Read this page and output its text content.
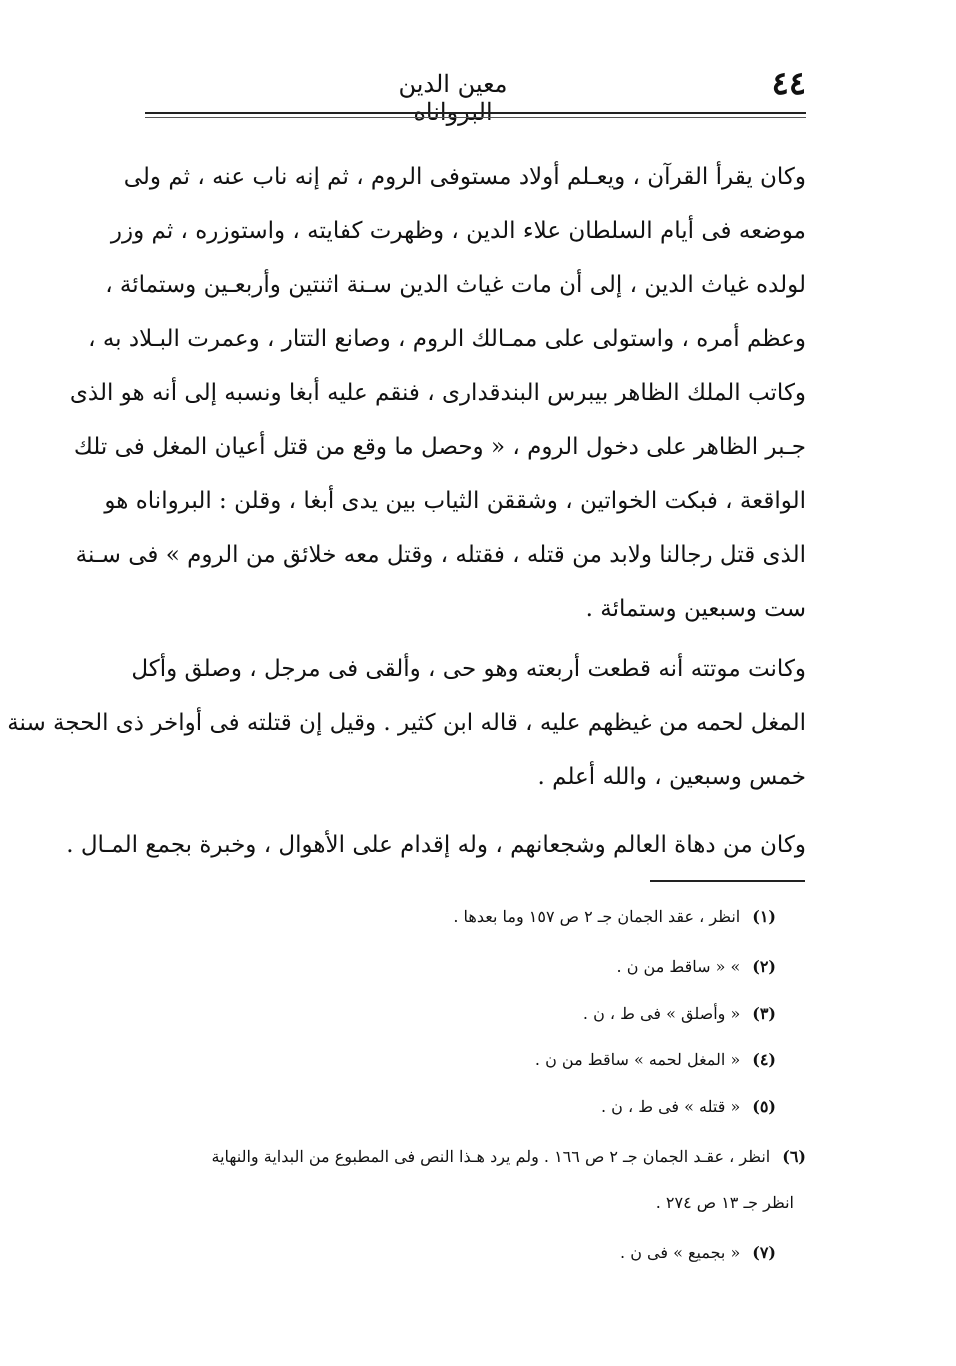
٤٤
معين الدين البرواناه
وكان يقرأ القرآن ، ويعـلم أولاد مستوفى الروم ، ثم إنه ناب عنه ، ثم ولى
موضعه فى أيام السلطان علاء الدين ، وظهرت كفايته ، واستوزره ، ثم وزر
لولده غياث الدين ، إلى أن مات غياث الدين سـنة اثنتين وأربعـين وستمائة ،
وعظم أمره ، واستولى على ممـالك الروم ، وصانع التتار ، وعمرت البـلاد به ،
وكاتب الملك الظاهر بيبرس البندقدارى ، فنقم عليه أبغا ونسبه إلى أنه هو الذى
جـبر الظاهر على دخول الروم ، « وحصل ما وقع من قتل أعيان المغل فى تلك
الواقعة ، فبكت الخواتين ، وشققن الثياب بين يدى أبغا ، وقلن : البرواناه هو
الذى قتل رجالنا ولابد من قتله ، فقتله ، وقتل معه خلائق من الروم » فى سـنة
ست وسبعين وستمائة .
وكانت موتته أنه قطعت أربعته وهو حى ، وألقى فى مرجل ، وصلق وأكل
المغل لحمه من غيظهم عليه ، قاله ابن كثير . وقيل إن قتلته فى أواخر ذى الحجة سنة
خمس وسبعين ، والله أعلم .
وكان من دهاة العالم وشجعانهم ، وله إقدام على الأهوال ، وخبرة بجمع المـال .
(١)انظر ، عقد الجمان جـ ٢ ص ١٥٧ وما بعدها .
(٢)» « ساقط من ن .
(٣)« وأصلق » فى ط ، ن .
(٤)« المغل لحمه » ساقط من ن .
(٥)« قتله » فى ط ، ن .
(٦)انظر ، عقـد الجمان جـ ٢ ص ١٦٦ . ولم يرد هـذا النص فى المطبوع من البداية والنهاية
انظر جـ ١٣ ص ٢٧٤ .
(٧)« بجميع » فى ن .
